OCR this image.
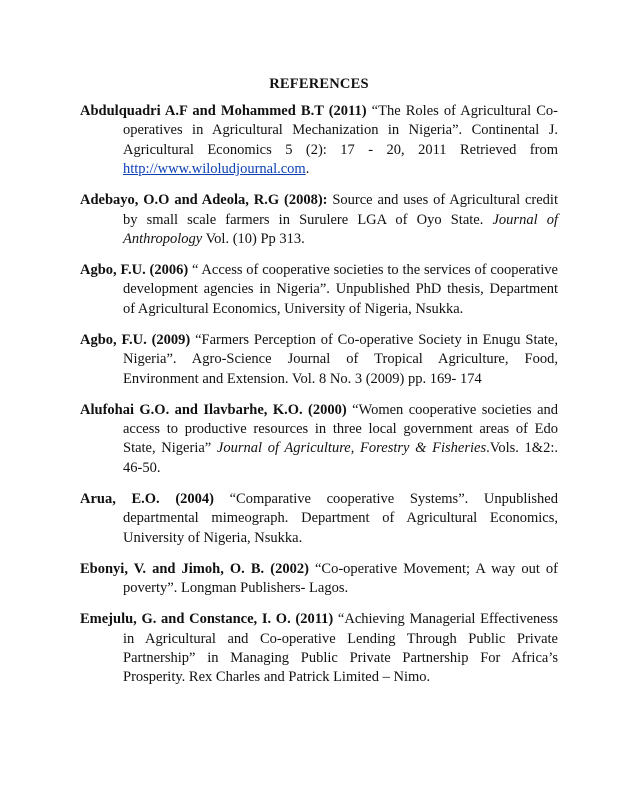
REFERENCES

Abdulquadri A.F and Mohammed B.T (2011) “The Roles of Agricultural Co-operatives in Agricultural Mechanization in Nigeria”. Continental J. Agricultural Economics 5 (2): 17 - 20, 2011 Retrieved from http://www.wiloludjournal.com.

Adebayo, O.O and Adeola, R.G (2008): Source and uses of Agricultural credit by small scale farmers in Surulere LGA of Oyo State. Journal of Anthropology Vol. (10) Pp 313.

Agbo, F.U. (2006) “ Access of cooperative societies to the services of cooperative development agencies in Nigeria”. Unpublished PhD thesis, Department of Agricultural Economics, University of Nigeria, Nsukka.

Agbo, F.U. (2009) “Farmers Perception of Co-operative Society in Enugu State, Nigeria”. Agro-Science Journal of Tropical Agriculture, Food, Environment and Extension. Vol. 8 No. 3 (2009) pp. 169- 174

Alufohai G.O. and Ilavbarhe, K.O. (2000) “Women cooperative societies and access to productive resources in three local government areas of Edo State, Nigeria” Journal of Agriculture, Forestry & Fisheries.Vols. 1&2:. 46-50.

Arua, E.O. (2004) “Comparative cooperative Systems”. Unpublished departmental mimeograph. Department of Agricultural Economics, University of Nigeria, Nsukka.

Ebonyi, V. and Jimoh, O. B. (2002) “Co-operative Movement; A way out of poverty”. Longman Publishers- Lagos.

Emejulu, G. and Constance, I. O. (2011) “Achieving Managerial Effectiveness in Agricultural and Co-operative Lending Through Public Private Partnership” in Managing Public Private Partnership For Africa’s Prosperity. Rex Charles and Patrick Limited – Nimo.
